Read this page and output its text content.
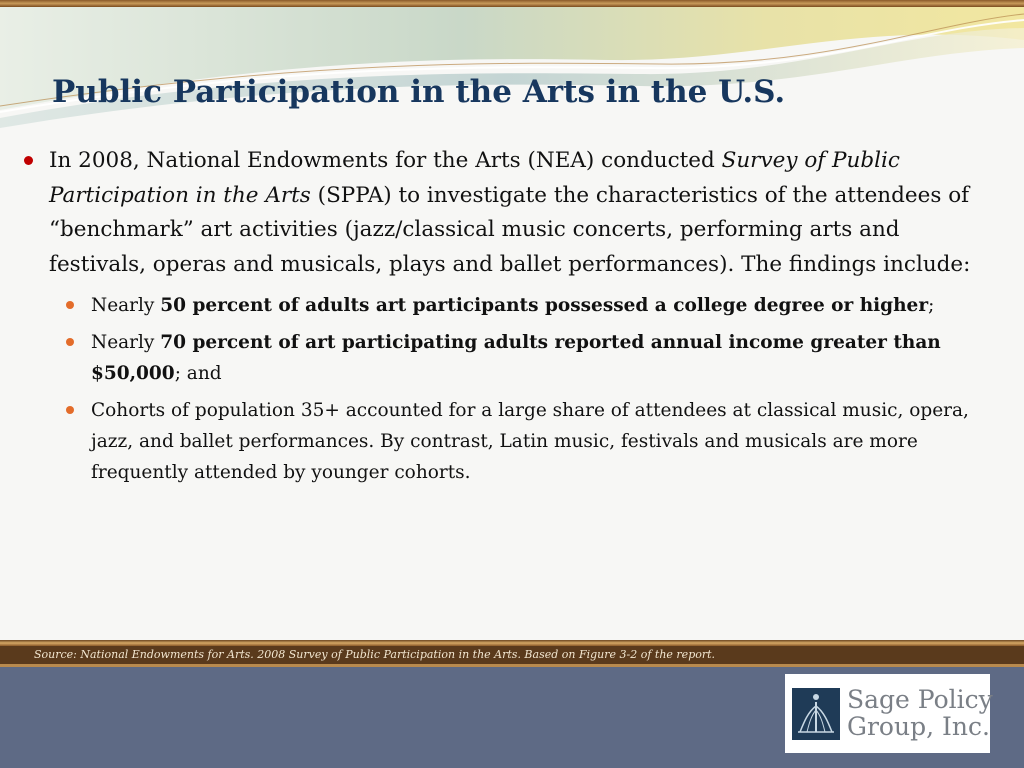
Public Participation in the Arts in the U.S.
In 2008, National Endowments for the Arts (NEA) conducted Survey of Public Participation in the Arts (SPPA) to investigate the characteristics of the attendees of “benchmark” art activities (jazz/classical music concerts, performing arts and festivals, operas and musicals, plays and ballet performances). The findings include:
Nearly 50 percent of adults art participants possessed a college degree or higher;
Nearly 70 percent of art participating adults reported annual income greater than $50,000; and
Cohorts of population 35+ accounted for a large share of attendees at classical music, opera, jazz, and ballet performances. By contrast, Latin music, festivals and musicals are more frequently attended by younger cohorts.
Source: National Endowments for Arts. 2008 Survey of Public Participation in the Arts. Based on Figure 3-2 of the report.
Sage Policy
Group, Inc.
